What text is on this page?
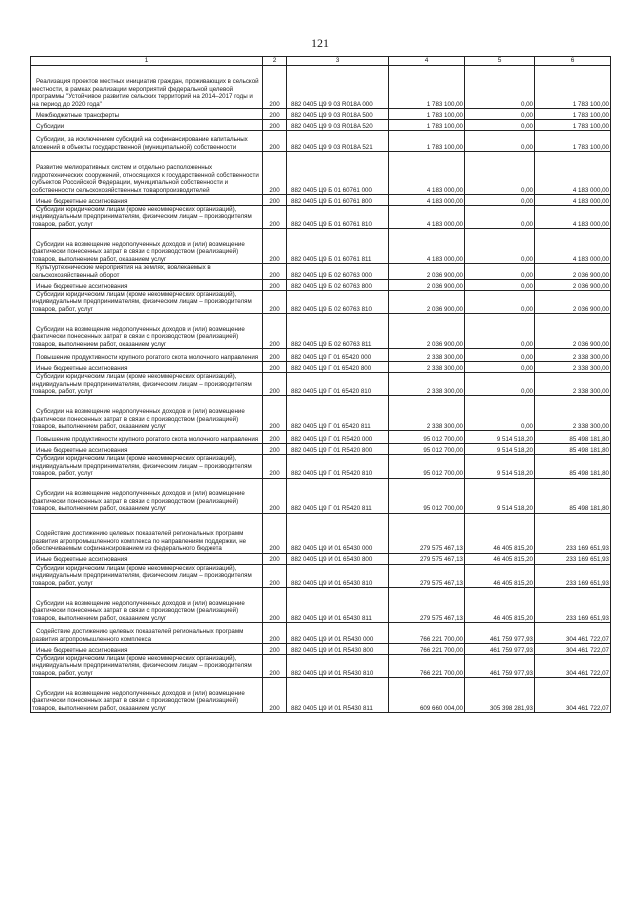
121
1	2	3	4	5	6
Реализация проектов местных инициатив граждан, проживающих в сельской местности, в рамках реализации мероприятий федеральной целевой программы "Устойчивое развитие сельских территорий на 2014–2017 годы и на период до 2020 года"	200	882 0405 Ц9 9 03 R018A 000	1 783 100,00	0,00	1 783 100,00
Межбюджетные трансферты	200	882 0405 Ц9 9 03 R018A 500	1 783 100,00	0,00	1 783 100,00
Субсидии	200	882 0405 Ц9 9 03 R018A 520	1 783 100,00	0,00	1 783 100,00
Субсидии, за исключением субсидий на софинансирование капитальных вложений в объекты государственной (муниципальной) собственности	200	882 0405 Ц9 9 03 R018A 521	1 783 100,00	0,00	1 783 100,00
Развитие мелиоративных систем и отдельно расположенных гидротехнических сооружений, относящихся к государственной собственности субъектов Российской Федерации, муниципальной собственности и собственности сельскохозяйственных товаропроизводителей	200	882 0405 Ц9 Б 01 60761 000	4 183 000,00	0,00	4 183 000,00
Иные бюджетные ассигнования	200	882 0405 Ц9 Б 01 60761 800	4 183 000,00	0,00	4 183 000,00
Субсидии юридическим лицам (кроме некоммерческих организаций), индивидуальным предпринимателям, физическим лицам – производителям товаров, работ, услуг	200	882 0405 Ц9 Б 01 60761 810	4 183 000,00	0,00	4 183 000,00
Субсидии на возмещение недополученных доходов и (или) возмещение фактически понесенных затрат в связи с производством (реализацией) товаров, выполнением работ, оказанием услуг	200	882 0405 Ц9 Б 01 60761 811	4 183 000,00	0,00	4 183 000,00
Культуртехнические мероприятия на землях, вовлекаемых в сельскохозяйственный оборот	200	882 0405 Ц9 Б 02 60763 000	2 036 900,00	0,00	2 036 900,00
Иные бюджетные ассигнования	200	882 0405 Ц9 Б 02 60763 800	2 036 900,00	0,00	2 036 900,00
Субсидии юридическим лицам (кроме некоммерческих организаций), индивидуальным предпринимателям, физическим лицам – производителям товаров, работ, услуг	200	882 0405 Ц9 Б 02 60763 810	2 036 900,00	0,00	2 036 900,00
Субсидии на возмещение недополученных доходов и (или) возмещение фактически понесенных затрат в связи с производством (реализацией) товаров, выполнением работ, оказанием услуг	200	882 0405 Ц9 Б 02 60763 811	2 036 900,00	0,00	2 036 900,00
Повышение продуктивности крупного рогатого скота молочного направления	200	882 0405 Ц9 Г 01 65420 000	2 338 300,00	0,00	2 338 300,00
Иные бюджетные ассигнования	200	882 0405 Ц9 Г 01 65420 800	2 338 300,00	0,00	2 338 300,00
Субсидии юридическим лицам (кроме некоммерческих организаций), индивидуальным предпринимателям, физическим лицам – производителям товаров, работ, услуг	200	882 0405 Ц9 Г 01 65420 810	2 338 300,00	0,00	2 338 300,00
Субсидии на возмещение недополученных доходов и (или) возмещение фактически понесенных затрат в связи с производством (реализацией) товаров, выполнением работ, оказанием услуг	200	882 0405 Ц9 Г 01 65420 811	2 338 300,00	0,00	2 338 300,00
Повышение продуктивности крупного рогатого скота молочного направления	200	882 0405 Ц9 Г 01 R5420 000	95 012 700,00	9 514 518,20	85 498 181,80
Иные бюджетные ассигнования	200	882 0405 Ц9 Г 01 R5420 800	95 012 700,00	9 514 518,20	85 498 181,80
Субсидии юридическим лицам (кроме некоммерческих организаций), индивидуальным предпринимателям, физическим лицам – производителям товаров, работ, услуг	200	882 0405 Ц9 Г 01 R5420 810	95 012 700,00	9 514 518,20	85 498 181,80
Субсидии на возмещение недополученных доходов и (или) возмещение фактически понесенных затрат в связи с производством (реализацией) товаров, выполнением работ, оказанием услуг	200	882 0405 Ц9 Г 01 R5420 811	95 012 700,00	9 514 518,20	85 498 181,80
Содействие достижению целевых показателей региональных программ развития агропромышленного комплекса по направлениям поддержки, не обеспечиваемым софинансированием из федерального бюджета	200	882 0405 Ц9 И 01 65430 000	279 575 467,13	46 405 815,20	233 169 651,93
Иные бюджетные ассигнования	200	882 0405 Ц9 И 01 65430 800	279 575 467,13	46 405 815,20	233 169 651,93
Субсидии юридическим лицам (кроме некоммерческих организаций), индивидуальным предпринимателям, физическим лицам – производителям товаров, работ, услуг	200	882 0405 Ц9 И 01 65430 810	279 575 467,13	46 405 815,20	233 169 651,93
Субсидии на возмещение недополученных доходов и (или) возмещение фактически понесенных затрат в связи с производством (реализацией) товаров, выполнением работ, оказанием услуг	200	882 0405 Ц9 И 01 65430 811	279 575 467,13	46 405 815,20	233 169 651,93
Содействие достижению целевых показателей региональных программ развития агропромышленного комплекса	200	882 0405 Ц9 И 01 R5430 000	766 221 700,00	461 759 977,93	304 461 722,07
Иные бюджетные ассигнования	200	882 0405 Ц9 И 01 R5430 800	766 221 700,00	461 759 977,93	304 461 722,07
Субсидии юридическим лицам (кроме некоммерческих организаций), индивидуальным предпринимателям, физическим лицам – производителям товаров, работ, услуг	200	882 0405 Ц9 И 01 R5430 810	766 221 700,00	461 759 977,93	304 461 722,07
Субсидии на возмещение недополученных доходов и (или) возмещение фактически понесенных затрат в связи с производством (реализацией) товаров, выполнением работ, оказанием услуг	200	882 0405 Ц9 И 01 R5430 811	609 660 004,00	305 398 281,93	304 461 722,07
